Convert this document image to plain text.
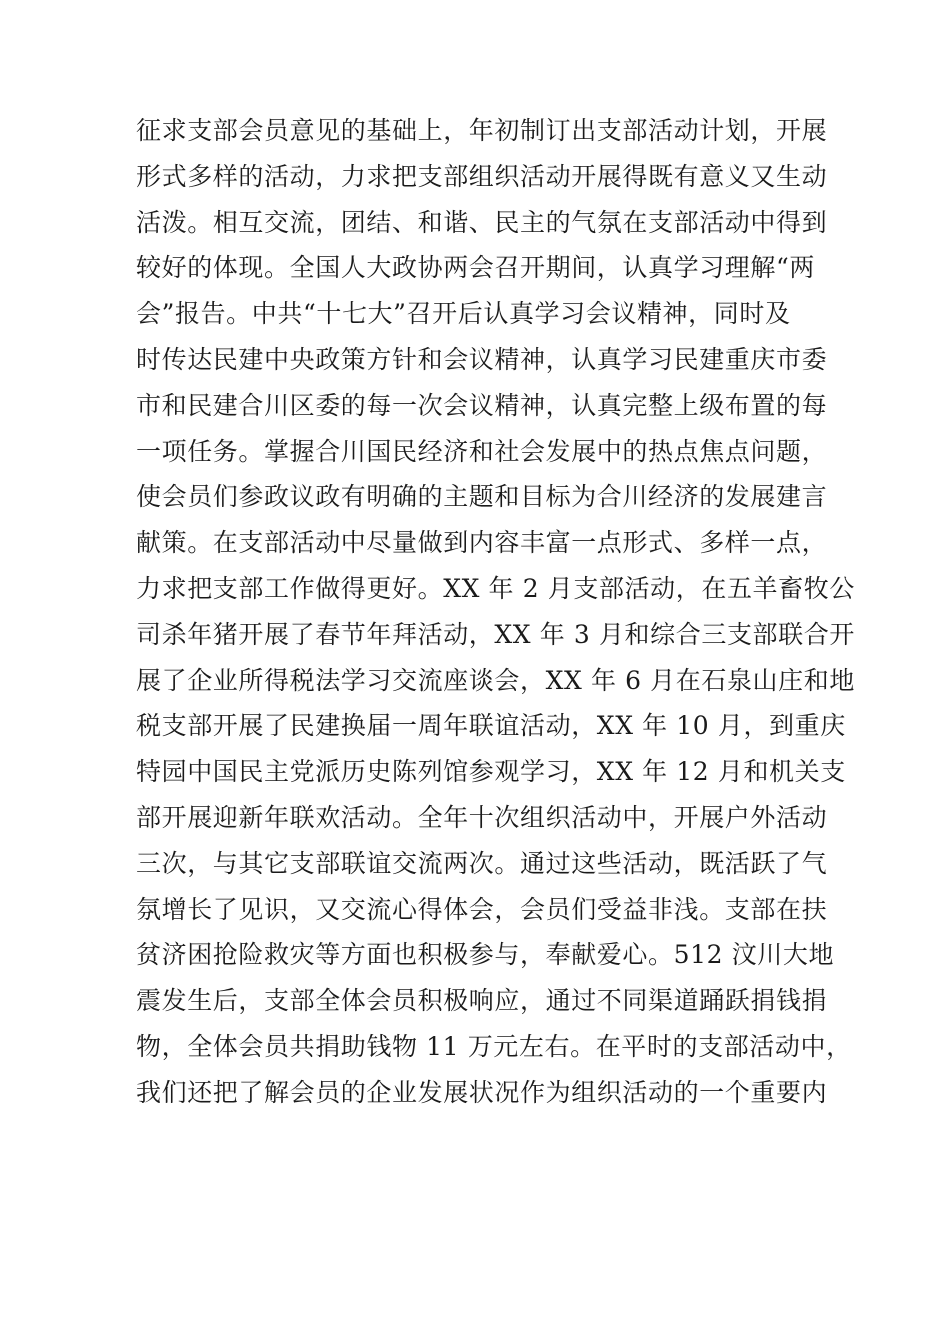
征求支部会员意见的基础上，年初制订出支部活动计划，开展
形式多样的活动，力求把支部组织活动开展得既有意义又生动
活泼。相互交流，团结、和谐、民主的气氛在支部活动中得到
较好的体现。全国人大政协两会召开期间，认真学习理解“两
会”报告。中共“十七大”召开后认真学习会议精神，同时及
时传达民建中央政策方针和会议精神，认真学习民建重庆市委
市和民建合川区委的每一次会议精神，认真完整上级布置的每
一项任务。掌握合川国民经济和社会发展中的热点焦点问题，
使会员们参政议政有明确的主题和目标为合川经济的发展建言
献策。在支部活动中尽量做到内容丰富一点形式、多样一点，
力求把支部工作做得更好。XX 年 2 月支部活动，在五羊畜牧公
司杀年猪开展了春节年拜活动，XX 年 3 月和综合三支部联合开
展了企业所得税法学习交流座谈会，XX 年 6 月在石泉山庄和地
税支部开展了民建换届一周年联谊活动，XX 年 10 月，到重庆
特园中国民主党派历史陈列馆参观学习，XX 年 12 月和机关支
部开展迎新年联欢活动。全年十次组织活动中，开展户外活动
三次，与其它支部联谊交流两次。通过这些活动，既活跃了气
氛增长了见识，又交流心得体会，会员们受益非浅。支部在扶
贫济困抢险救灾等方面也积极参与，奉献爱心。512 汶川大地
震发生后，支部全体会员积极响应，通过不同渠道踊跃捐钱捐
物，全体会员共捐助钱物 11 万元左右。在平时的支部活动中，
我们还把了解会员的企业发展状况作为组织活动的一个重要内
